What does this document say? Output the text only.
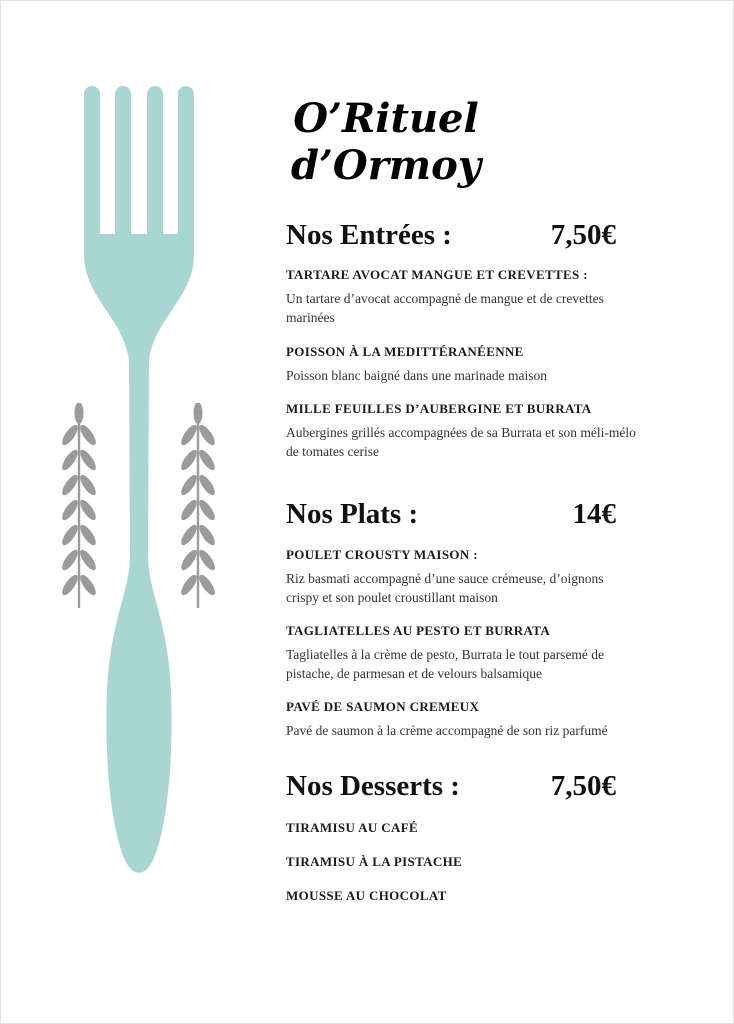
O’Rituel
d’Ormoy
Nos Entrées :	7,50€
TARTARE AVOCAT MANGUE ET CREVETTES :
Un tartare d’avocat accompagné de mangue et de crevettes marinées
POISSON À LA MEDITTÉRANÉENNE
Poisson blanc baigné dans une marinade maison
MILLE FEUILLES D’AUBERGINE ET BURRATA
Aubergines grillés accompagnées de sa Burrata et son méli-mélo de tomates cerise
Nos Plats :	14€
POULET CROUSTY MAISON :
Riz basmati accompagné d’une sauce crémeuse, d’oignons crispy et son poulet croustillant maison
TAGLIATELLES AU PESTO ET BURRATA
Tagliatelles à la crème de pesto, Burrata le tout parsemé de pistache, de parmesan et de velours balsamique
PAVÉ DE SAUMON CREMEUX
Pavé de saumon à la crème accompagné de son riz parfumé
Nos Desserts :	7,50€
TIRAMISU AU CAFÉ
TIRAMISU À LA PISTACHE
MOUSSE AU CHOCOLAT
